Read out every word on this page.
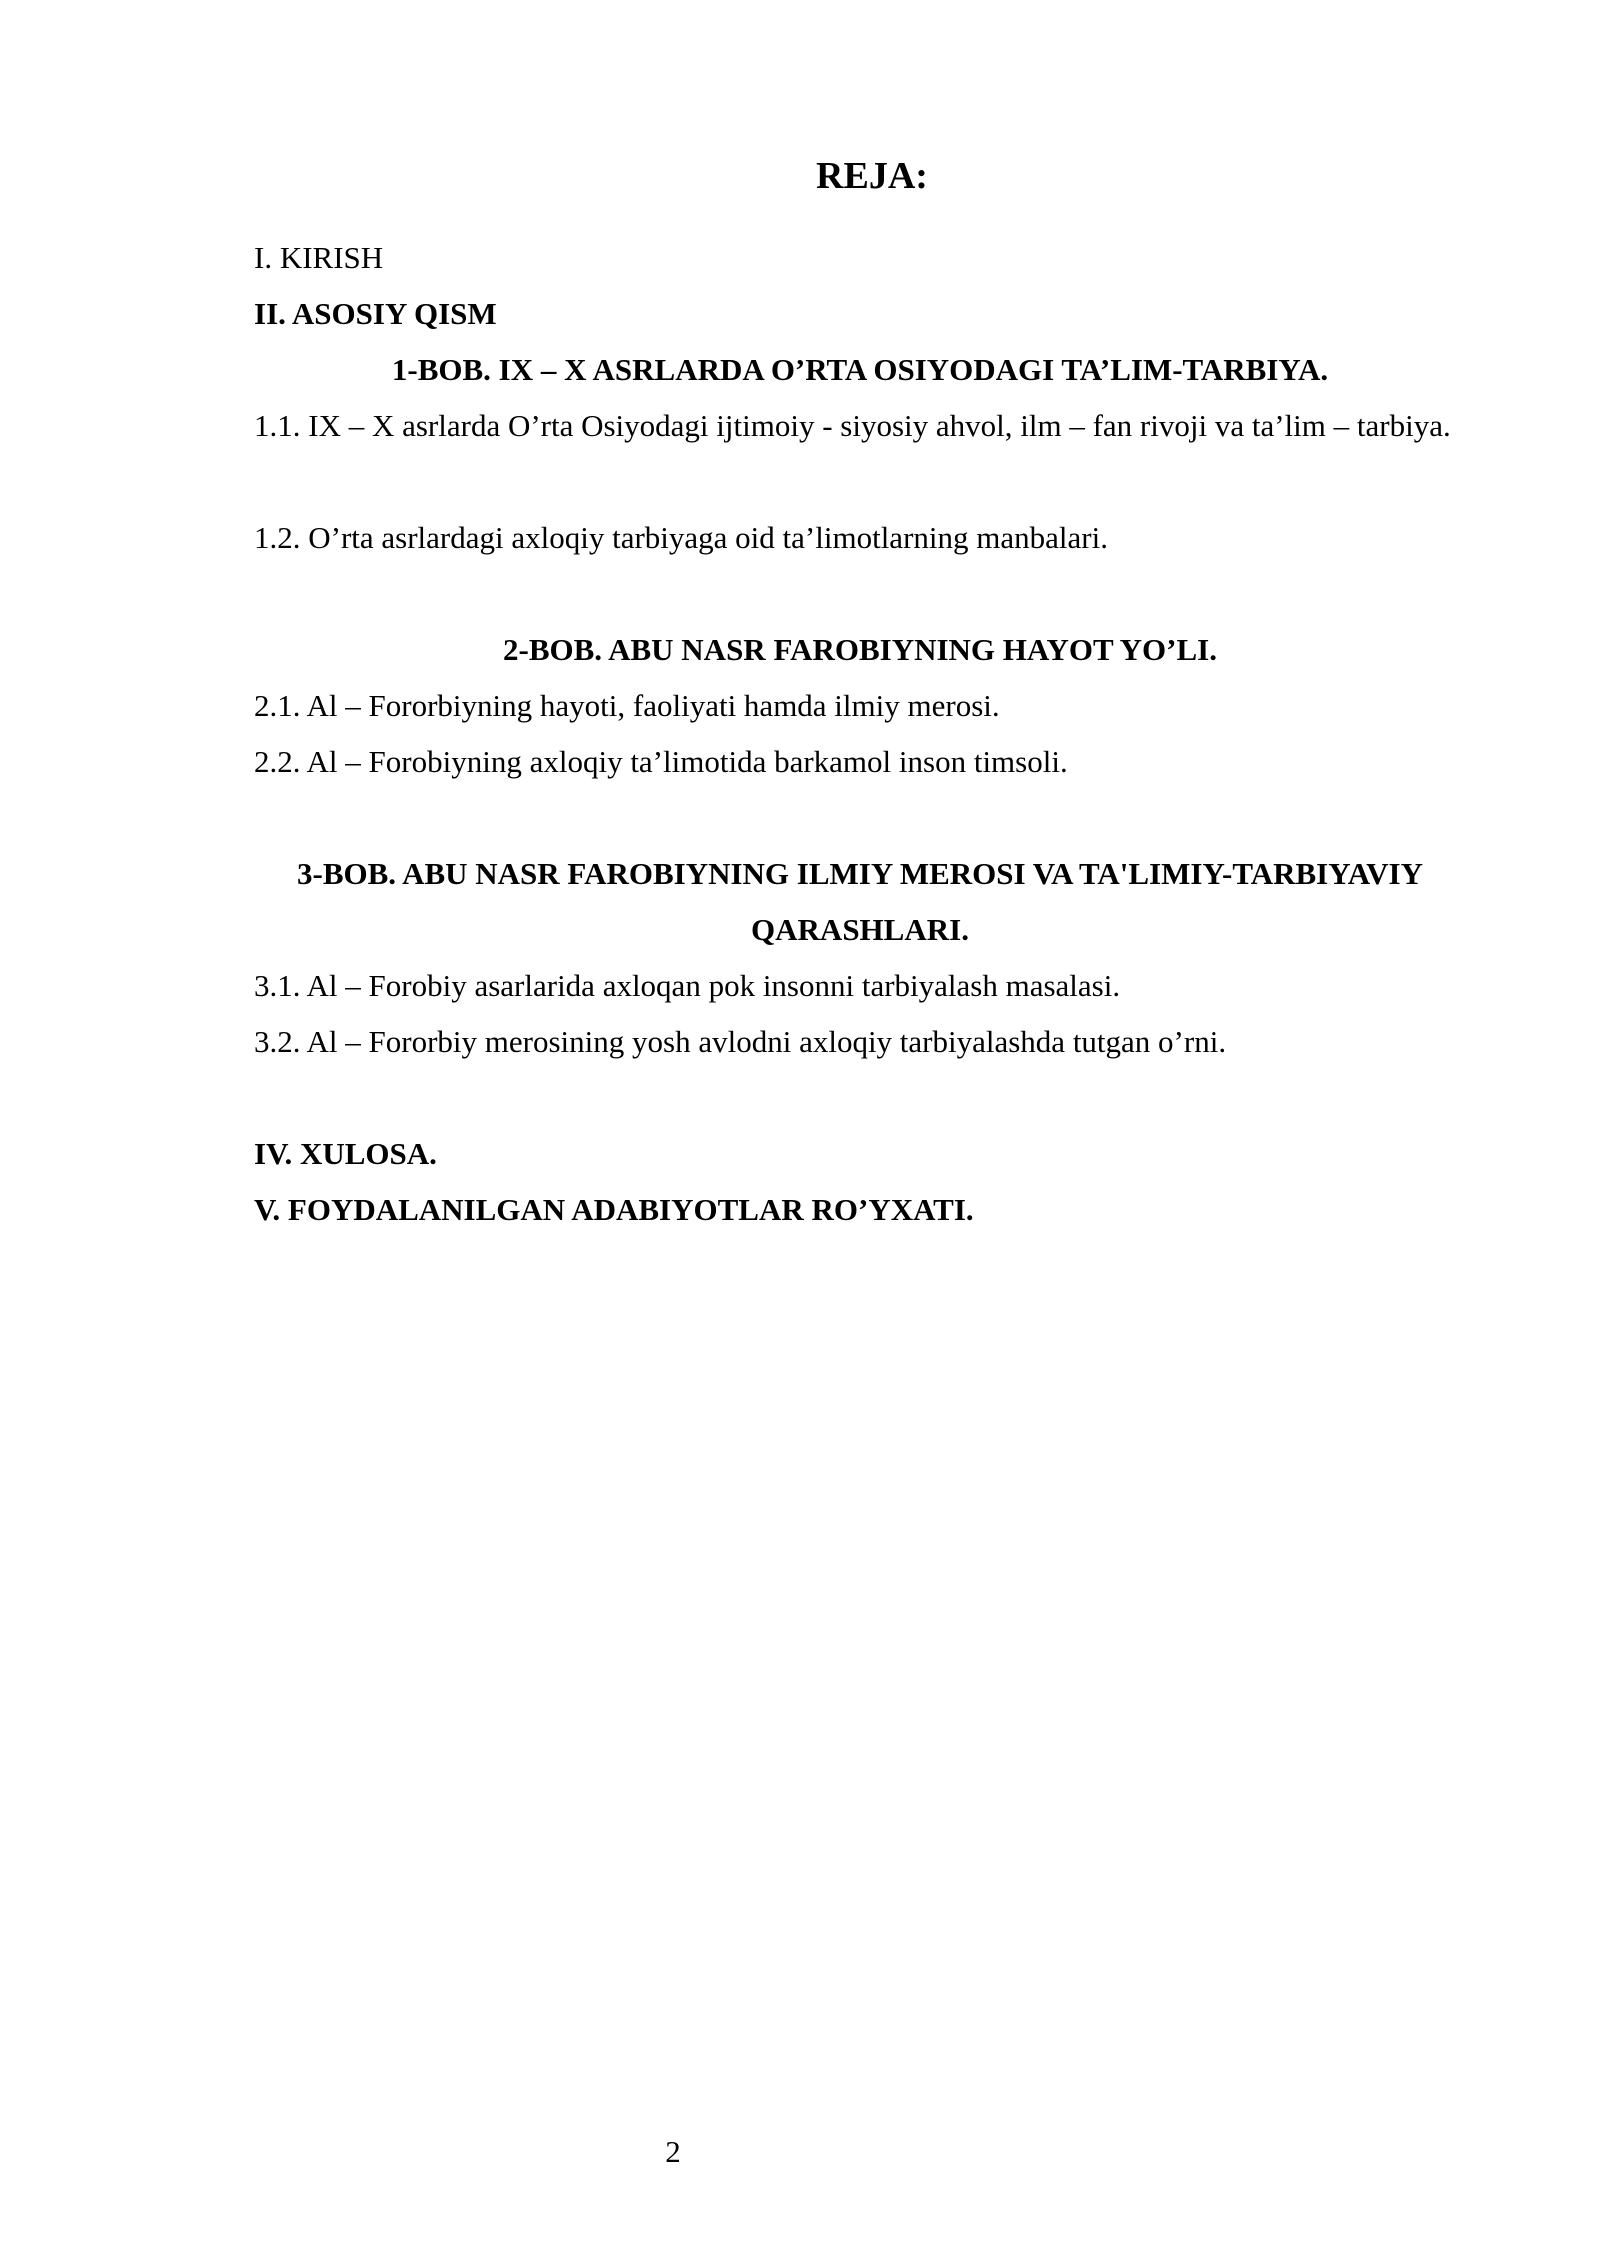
REJA:
I. KIRISH
II. ASOSIY QISM
1-BOB. IX – X ASRLARDA O’RTA OSIYODAGI TA’LIM-TARBIYA.
1.1. IX – X asrlarda O’rta Osiyodagi ijtimoiy - siyosiy ahvol, ilm – fan rivoji va ta’lim – tarbiya.
1.2. O’rta asrlardagi axloqiy tarbiyaga oid ta’limotlarning manbalari.
2-BOB. ABU NASR FAROBIYNING HAYOT YO’LI.
2.1. Al – Fororbiyning hayoti, faoliyati hamda ilmiy merosi.
2.2. Al – Forobiyning axloqiy ta’limotida barkamol inson timsoli.
3-BOB. ABU NASR FAROBIYNING ILMIY MEROSI VA TA'LIMIY-TARBIYAVIY QARASHLARI.
3.1. Al – Forobiy asarlarida axloqan pok insonni tarbiyalash masalasi.
3.2. Al – Fororbiy merosining yosh avlodni axloqiy tarbiyalashda tutgan o’rni.
IV. XULOSA.
V. FOYDALANILGAN ADABIYOTLAR RO’YXATI.
2
